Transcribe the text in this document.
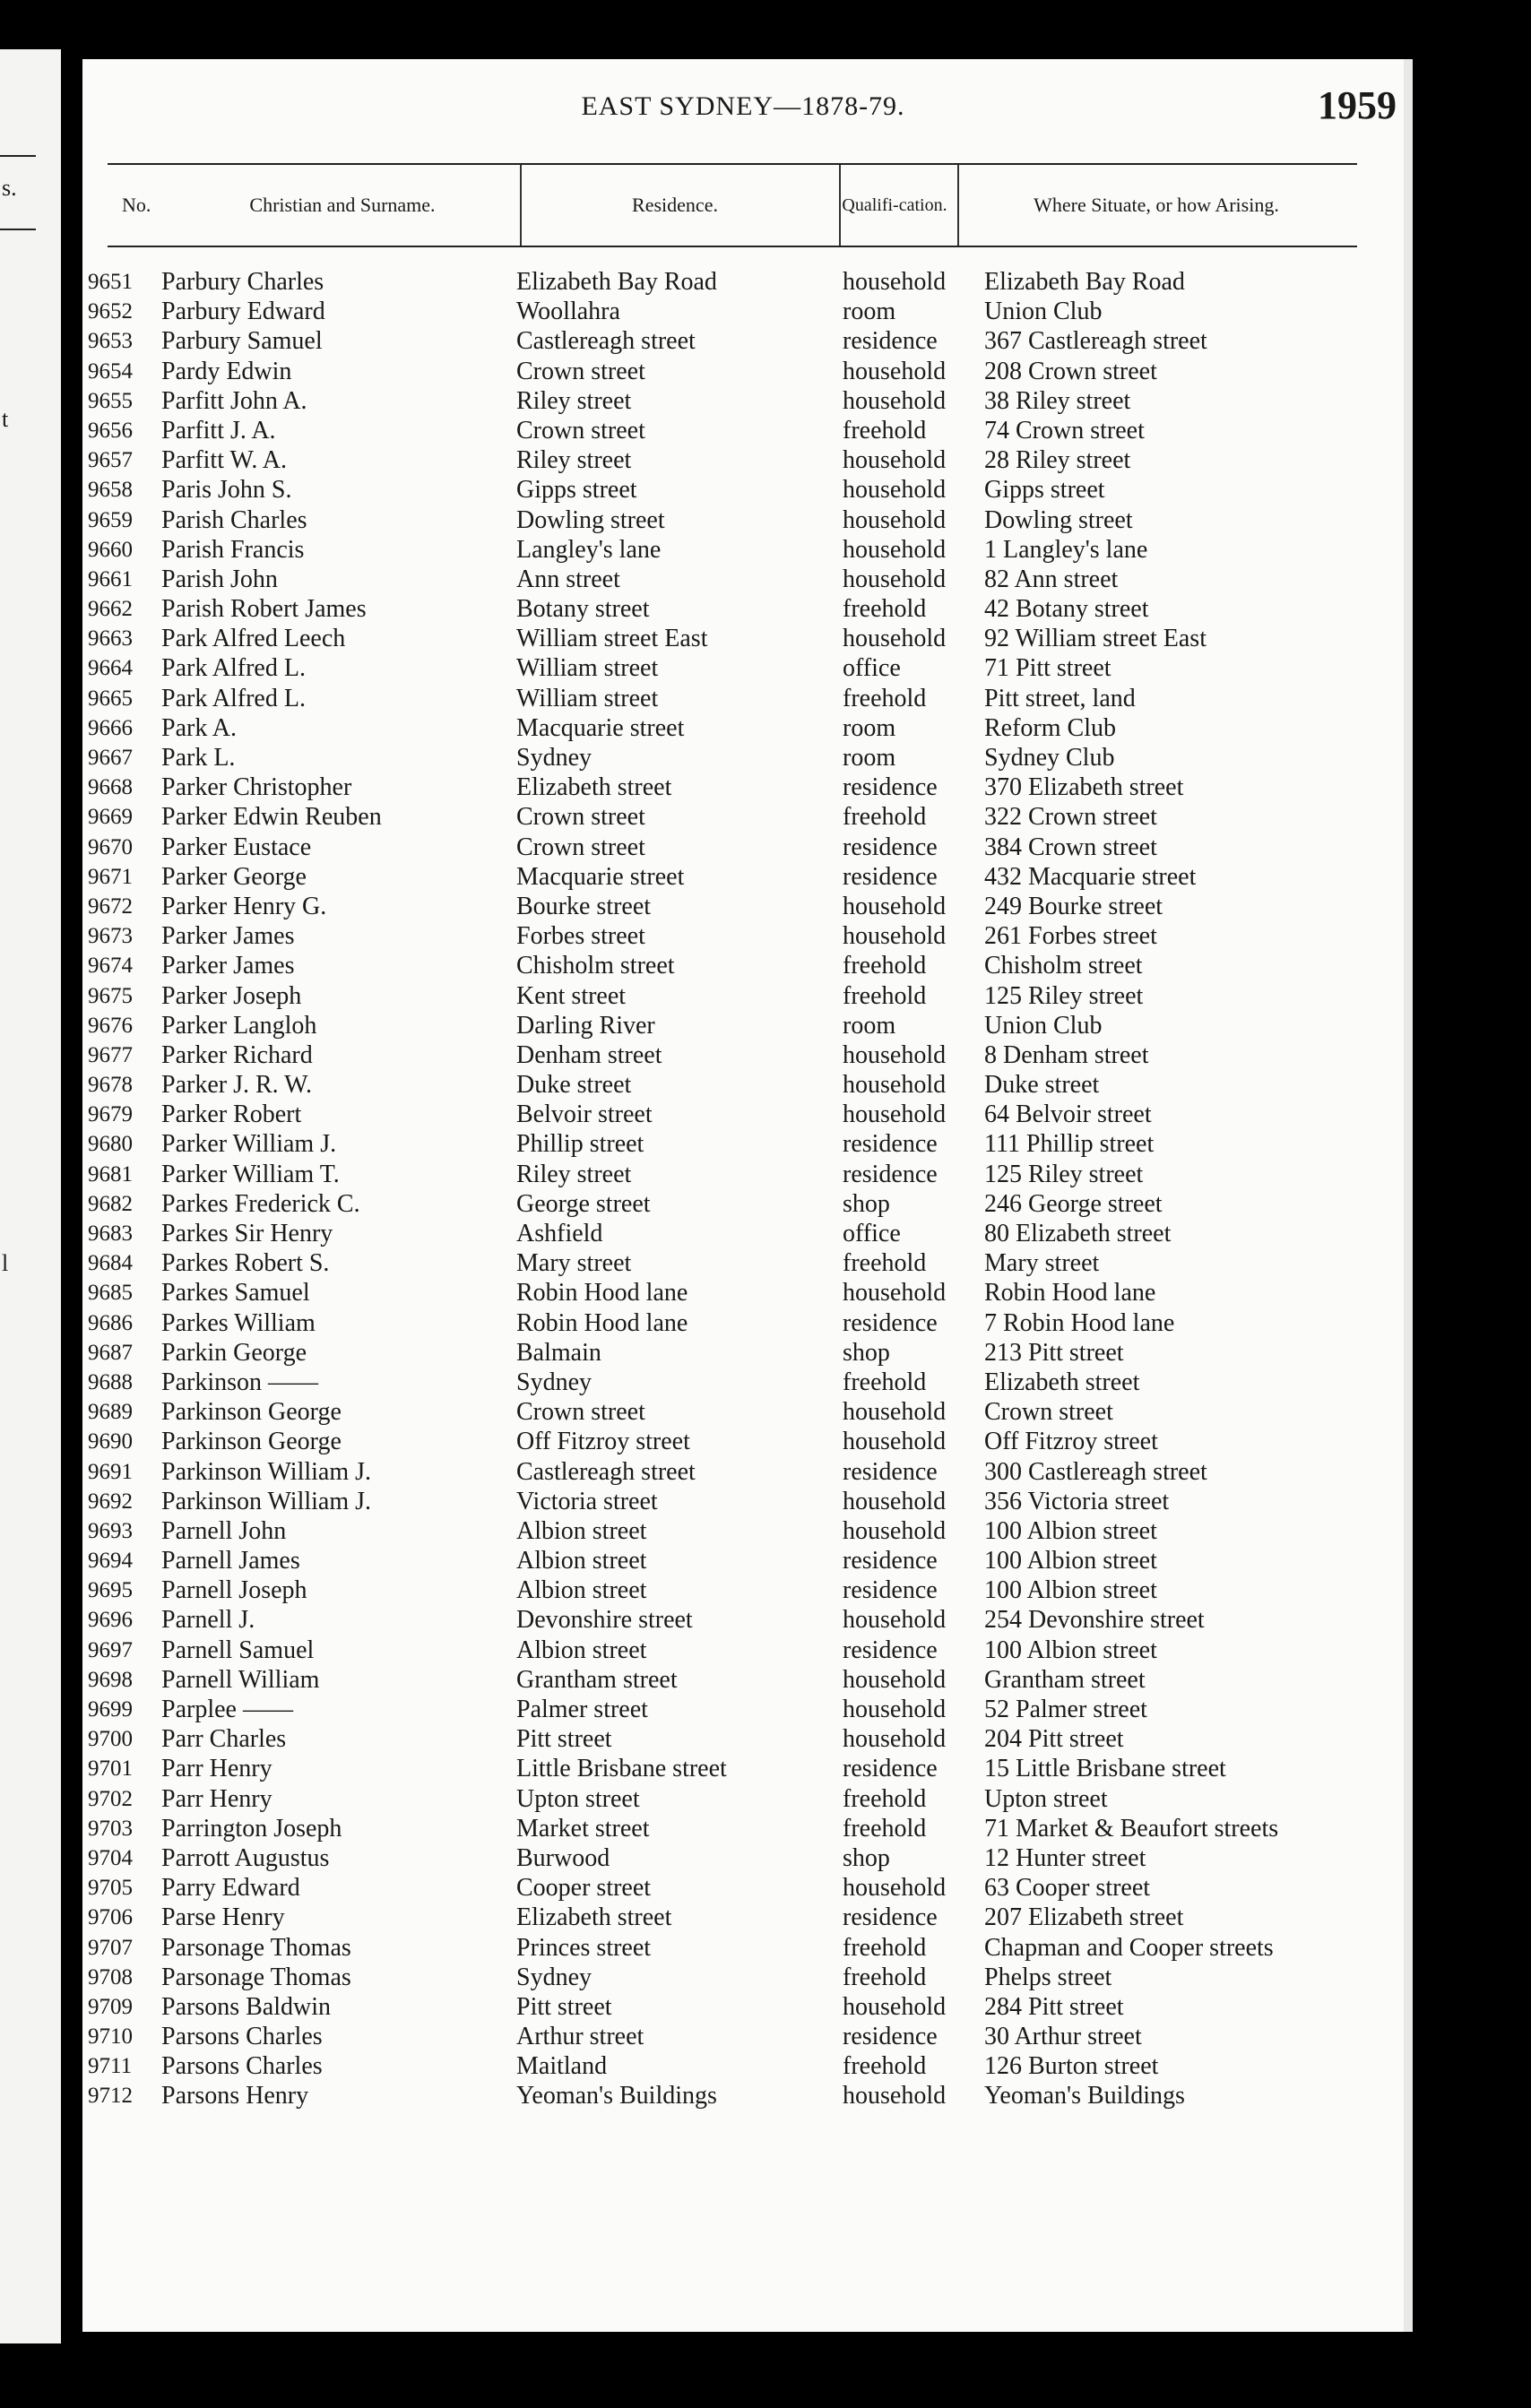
s.
t
l
EAST SYDNEY—1878-79.	1959
No.	Christian and Surname.	Residence.	Qualifi-cation.	Where Situate, or how Arising.
9651 Parbury Charles	Elizabeth Bay Road	household Elizabeth Bay Road
9652 Parbury Edward	Woollahra	room	Union Club
9653 Parbury Samuel	Castlereagh street	residence 367 Castlereagh street
9654 Pardy Edwin	Crown street	household 208 Crown street
9655 Parfitt John A.	Riley street	household 38 Riley street
9656 Parfitt J. A.	Crown street	freehold 74 Crown street
9657 Parfitt W. A.	Riley street	household 28 Riley street
9658 Paris John S.	Gipps street	household Gipps street
9659 Parish Charles	Dowling street	household Dowling street
9660 Parish Francis	Langley's lane	household 1 Langley's lane
9661 Parish John	Ann street	household 82 Ann street
9662 Parish Robert James	Botany street	freehold 42 Botany street
9663 Park Alfred Leech	William street East	household 92 William street East
9664 Park Alfred L.	William street	office	71 Pitt street
9665 Park Alfred L.	William street	freehold Pitt street, land
9666 Park A.	Macquarie street	room	Reform Club
9667 Park L.	Sydney	room	Sydney Club
9668 Parker Christopher	Elizabeth street	residence 370 Elizabeth street
9669 Parker Edwin Reuben	Crown street	freehold 322 Crown street
9670 Parker Eustace	Crown street	residence 384 Crown street
9671 Parker George	Macquarie street	residence 432 Macquarie street
9672 Parker Henry G.	Bourke street	household 249 Bourke street
9673 Parker James	Forbes street	household 261 Forbes street
9674 Parker James	Chisholm street	freehold Chisholm street
9675 Parker Joseph	Kent street	freehold 125 Riley street
9676 Parker Langloh	Darling River	room	Union Club
9677 Parker Richard	Denham street	household 8 Denham street
9678 Parker J. R. W.	Duke street	household Duke street
9679 Parker Robert	Belvoir street	household 64 Belvoir street
9680 Parker William J.	Phillip street	residence 111 Phillip street
9681 Parker William T.	Riley street	residence 125 Riley street
9682 Parkes Frederick C.	George street	shop	246 George street
9683 Parkes Sir Henry	Ashfield	office	80 Elizabeth street
9684 Parkes Robert S.	Mary street	freehold Mary street
9685 Parkes Samuel	Robin Hood lane	household Robin Hood lane
9686 Parkes William	Robin Hood lane	residence 7 Robin Hood lane
9687 Parkin George	Balmain	shop	213 Pitt street
9688 Parkinson ——	Sydney	freehold Elizabeth street
9689 Parkinson George	Crown street	household Crown street
9690 Parkinson George	Off Fitzroy street	household Off Fitzroy street
9691 Parkinson William J.	Castlereagh street	residence 300 Castlereagh street
9692 Parkinson William J.	Victoria street	household 356 Victoria street
9693 Parnell John	Albion street	household 100 Albion street
9694 Parnell James	Albion street	residence 100 Albion street
9695 Parnell Joseph	Albion street	residence 100 Albion street
9696 Parnell J.	Devonshire street	household 254 Devonshire street
9697 Parnell Samuel	Albion street	residence 100 Albion street
9698 Parnell William	Grantham street	household Grantham street
9699 Parplee ——	Palmer street	household 52 Palmer street
9700 Parr Charles	Pitt street	household 204 Pitt street
9701 Parr Henry	Little Brisbane street	residence 15 Little Brisbane street
9702 Parr Henry	Upton street	freehold Upton street
9703 Parrington Joseph	Market street	freehold 71 Market & Beaufort streets
9704 Parrott Augustus	Burwood	shop	12 Hunter street
9705 Parry Edward	Cooper street	household 63 Cooper street
9706 Parse Henry	Elizabeth street	residence 207 Elizabeth street
9707 Parsonage Thomas	Princes street	freehold Chapman and Cooper streets
9708 Parsonage Thomas	Sydney	freehold Phelps street
9709 Parsons Baldwin	Pitt street	household 284 Pitt street
9710 Parsons Charles	Arthur street	residence 30 Arthur street
9711 Parsons Charles	Maitland	freehold 126 Burton street
9712 Parsons Henry	Yeoman's Buildings	household Yeoman's Buildings
